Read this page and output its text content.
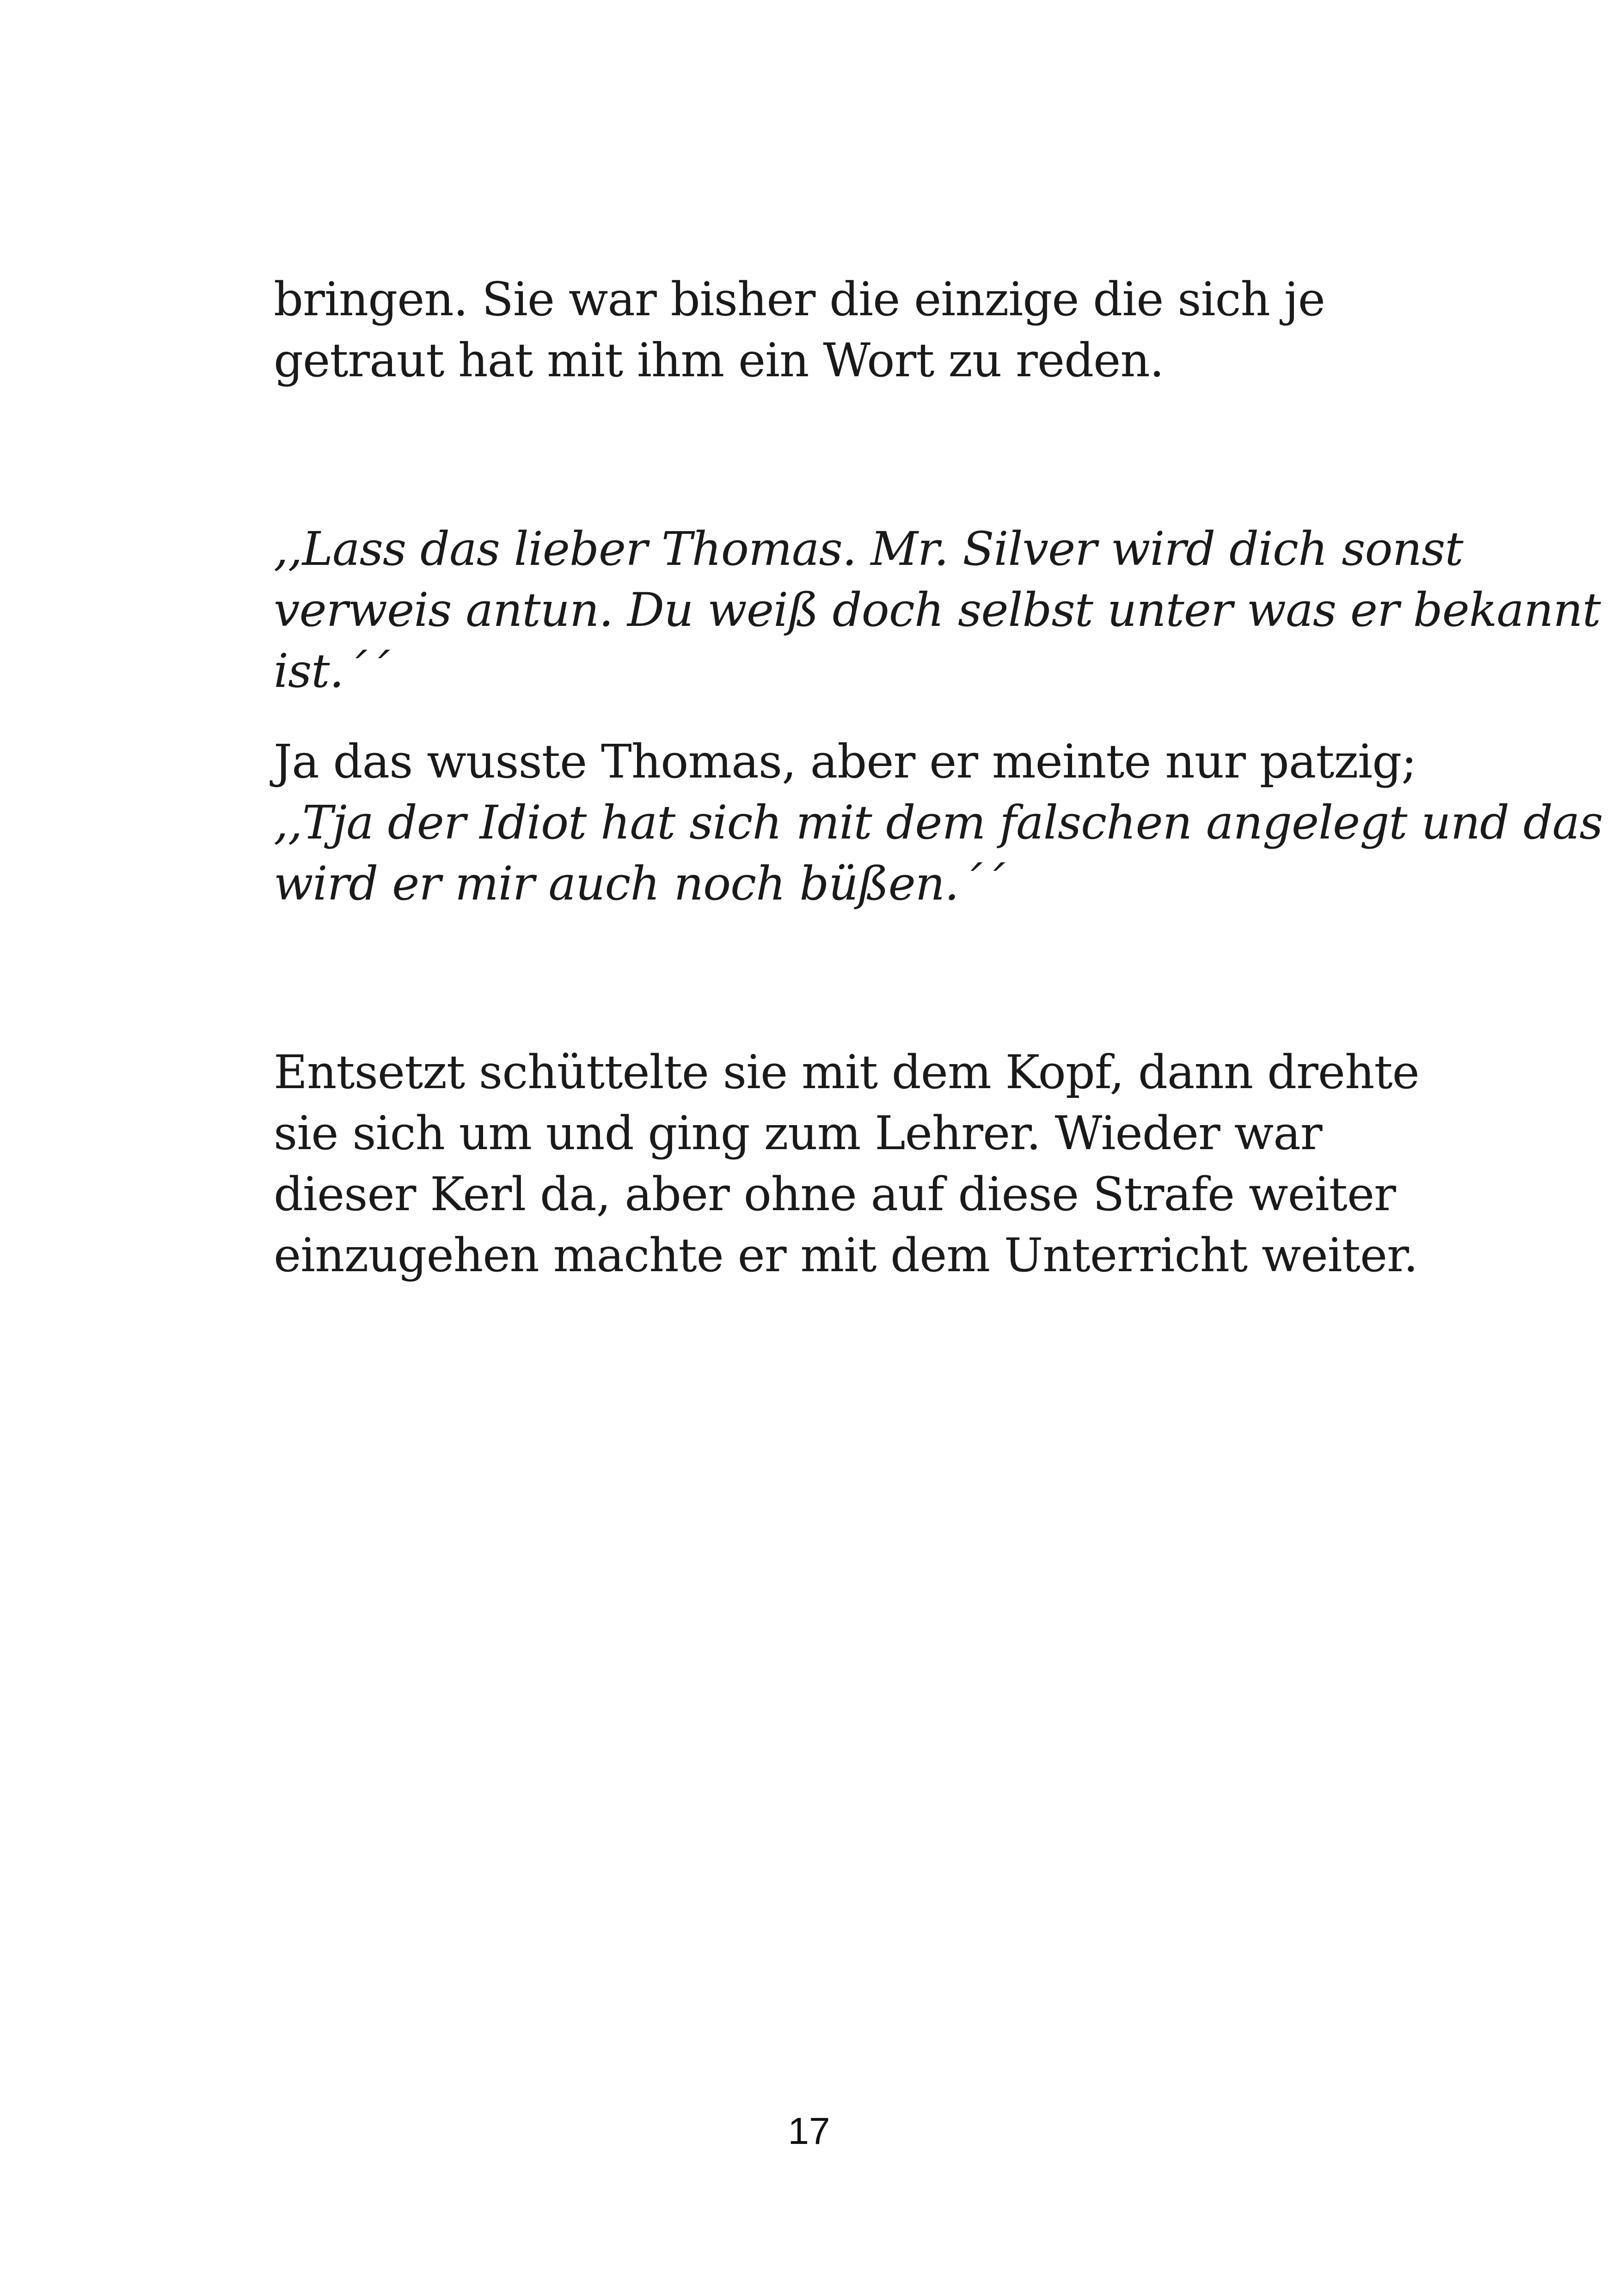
bringen. Sie war bisher die einzige die sich je
getraut hat mit ihm ein Wort zu reden.
,,Lass das lieber Thomas. Mr. Silver wird dich sonst
verweis antun. Du weiß doch selbst unter was er bekannt
ist.´´
Ja das wusste Thomas, aber er meinte nur patzig;
,,Tja der Idiot hat sich mit dem falschen angelegt und das
wird er mir auch noch büßen.´´
Entsetzt schüttelte sie mit dem Kopf, dann drehte
sie sich um und ging zum Lehrer. Wieder war
dieser Kerl da, aber ohne auf diese Strafe weiter
einzugehen machte er mit dem Unterricht weiter.
17
